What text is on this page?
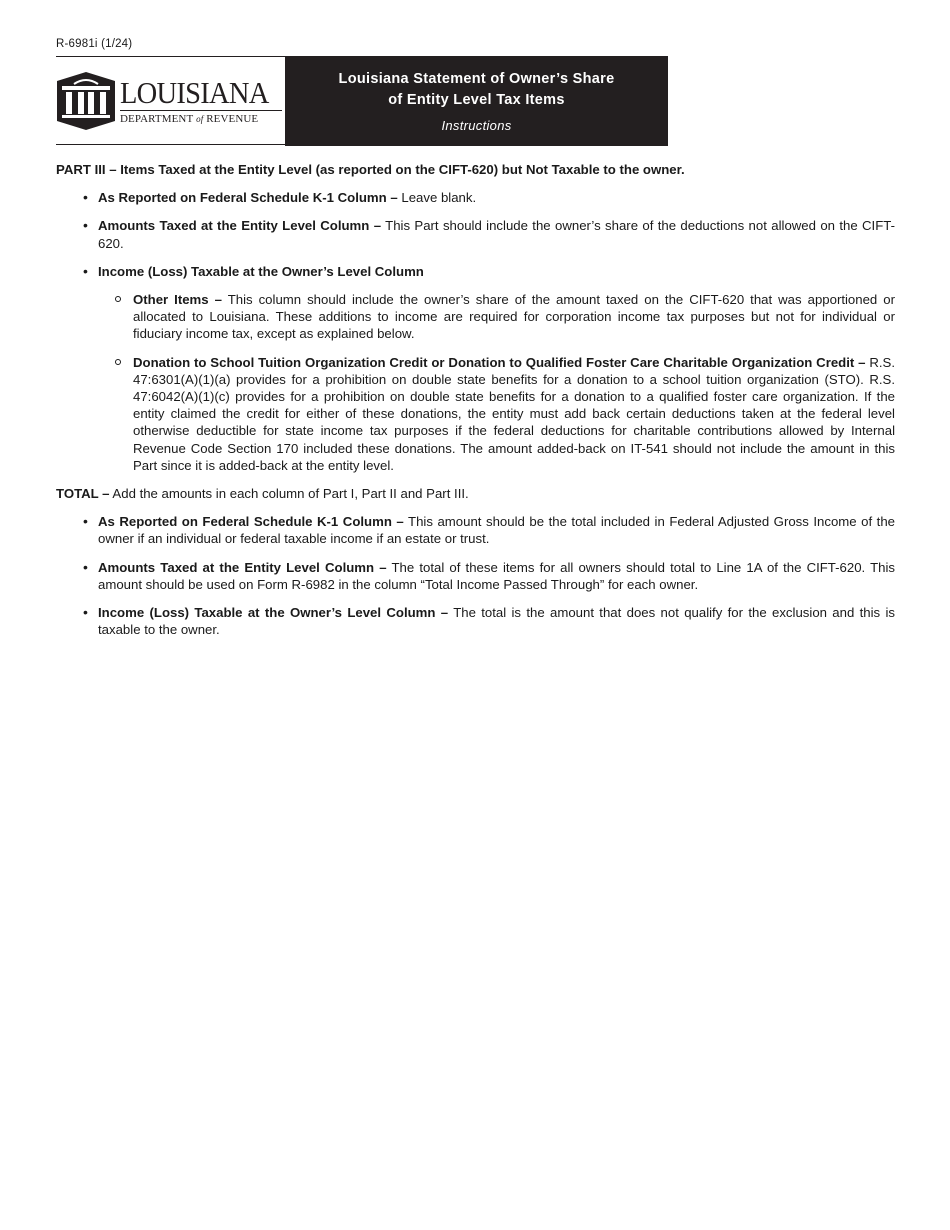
R-6981i (1/24)
LOUISIANA
DEPARTMENT of REVENUE
Louisiana Statement of Owner’s Share
of Entity Level Tax Items
Instructions

PART III – Items Taxed at the Entity Level (as reported on the CIFT-620) but Not Taxable to the owner.

• As Reported on Federal Schedule K-1 Column – Leave blank.
• Amounts Taxed at the Entity Level Column – This Part should include the owner’s share of the deductions not allowed on the CIFT-620.
• Income (Loss) Taxable at the Owner’s Level Column
Other Items – This column should include the owner’s share of the amount taxed on the CIFT-620 that was apportioned or allocated to Louisiana. These additions to income are required for corporation income tax purposes but not for individual or fiduciary income tax, except as explained below.
Donation to School Tuition Organization Credit or Donation to Qualified Foster Care Charitable Organization Credit – R.S. 47:6301(A)(1)(a) provides for a prohibition on double state benefits for a donation to a school tuition organization (STO). R.S. 47:6042(A)(1)(c) provides for a prohibition on double state benefits for a donation to a qualified foster care organization. If the entity claimed the credit for either of these donations, the entity must add back certain deductions taken at the federal level otherwise deductible for state income tax purposes if the federal deductions for charitable contributions allowed by Internal Revenue Code Section 170 included these donations. The amount added-back on IT-541 should not include the amount in this Part since it is added-back at the entity level.

TOTAL – Add the amounts in each column of Part I, Part II and Part III.

• As Reported on Federal Schedule K-1 Column – This amount should be the total included in Federal Adjusted Gross Income of the owner if an individual or federal taxable income if an estate or trust.
• Amounts Taxed at the Entity Level Column – The total of these items for all owners should total to Line 1A of the CIFT-620. This amount should be used on Form R-6982 in the column “Total Income Passed Through” for each owner.
• Income (Loss) Taxable at the Owner’s Level Column – The total is the amount that does not qualify for the exclusion and this is taxable to the owner.
